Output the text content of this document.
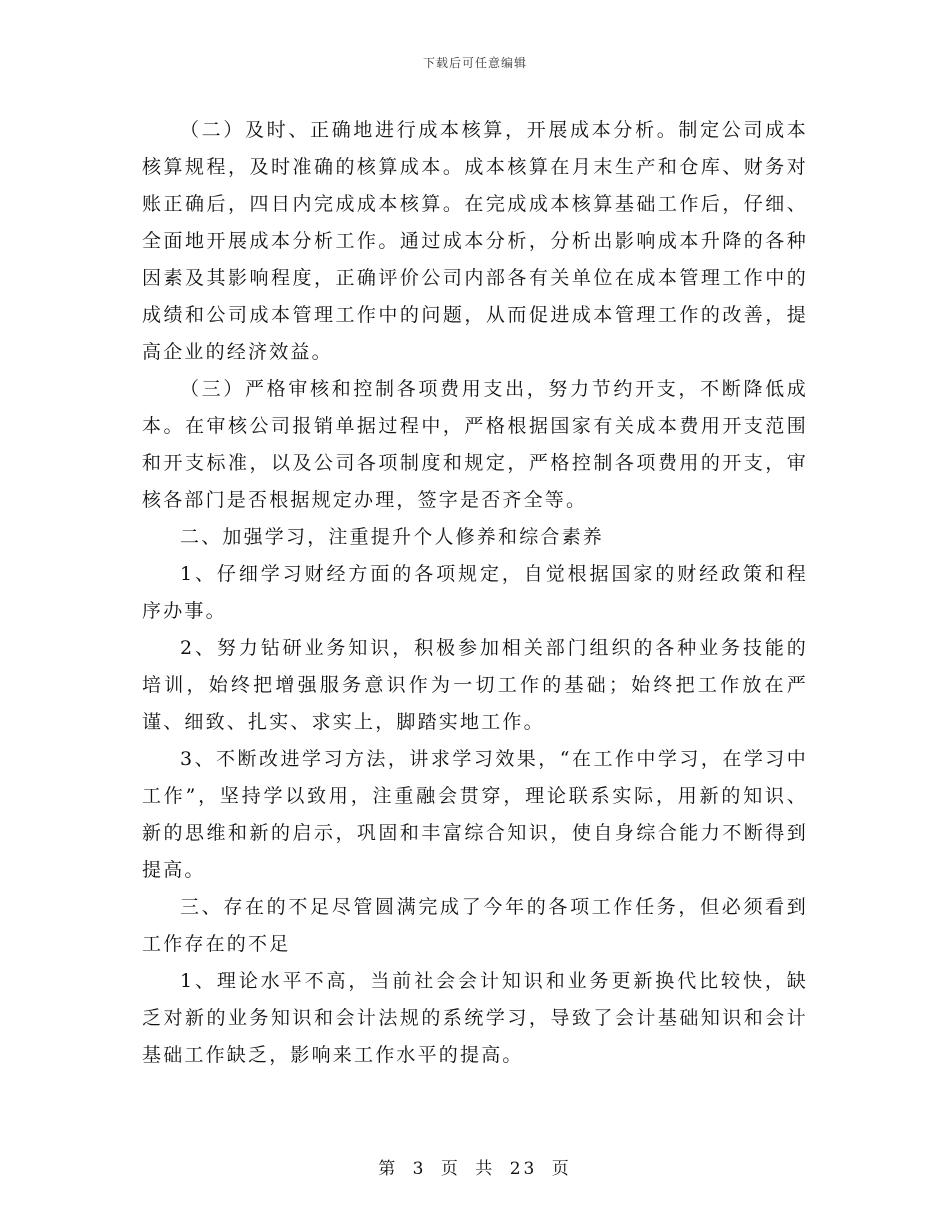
下载后可任意编辑

（二）及时、正确地进行成本核算，开展成本分析。制定公司成本核算规程，及时准确的核算成本。成本核算在月末生产和仓库、财务对账正确后，四日内完成成本核算。在完成成本核算基础工作后，仔细、全面地开展成本分析工作。通过成本分析，分析出影响成本升降的各种因素及其影响程度，正确评价公司内部各有关单位在成本管理工作中的成绩和公司成本管理工作中的问题，从而促进成本管理工作的改善，提高企业的经济效益。

（三）严格审核和控制各项费用支出，努力节约开支，不断降低成本。在审核公司报销单据过程中，严格根据国家有关成本费用开支范围和开支标准，以及公司各项制度和规定，严格控制各项费用的开支，审核各部门是否根据规定办理，签字是否齐全等。

二、加强学习，注重提升个人修养和综合素养

1、仔细学习财经方面的各项规定，自觉根据国家的财经政策和程序办事。

2、努力钻研业务知识，积极参加相关部门组织的各种业务技能的培训，始终把增强服务意识作为一切工作的基础；始终把工作放在严谨、细致、扎实、求实上，脚踏实地工作。

3、不断改进学习方法，讲求学习效果，“在工作中学习，在学习中工作”，坚持学以致用，注重融会贯穿，理论联系实际，用新的知识、新的思维和新的启示，巩固和丰富综合知识，使自身综合能力不断得到提高。

三、存在的不足尽管圆满完成了今年的各项工作任务，但必须看到工作存在的不足

1、理论水平不高，当前社会会计知识和业务更新换代比较快，缺乏对新的业务知识和会计法规的系统学习，导致了会计基础知识和会计基础工作缺乏，影响来工作水平的提高。

第 3 页 共 23 页
